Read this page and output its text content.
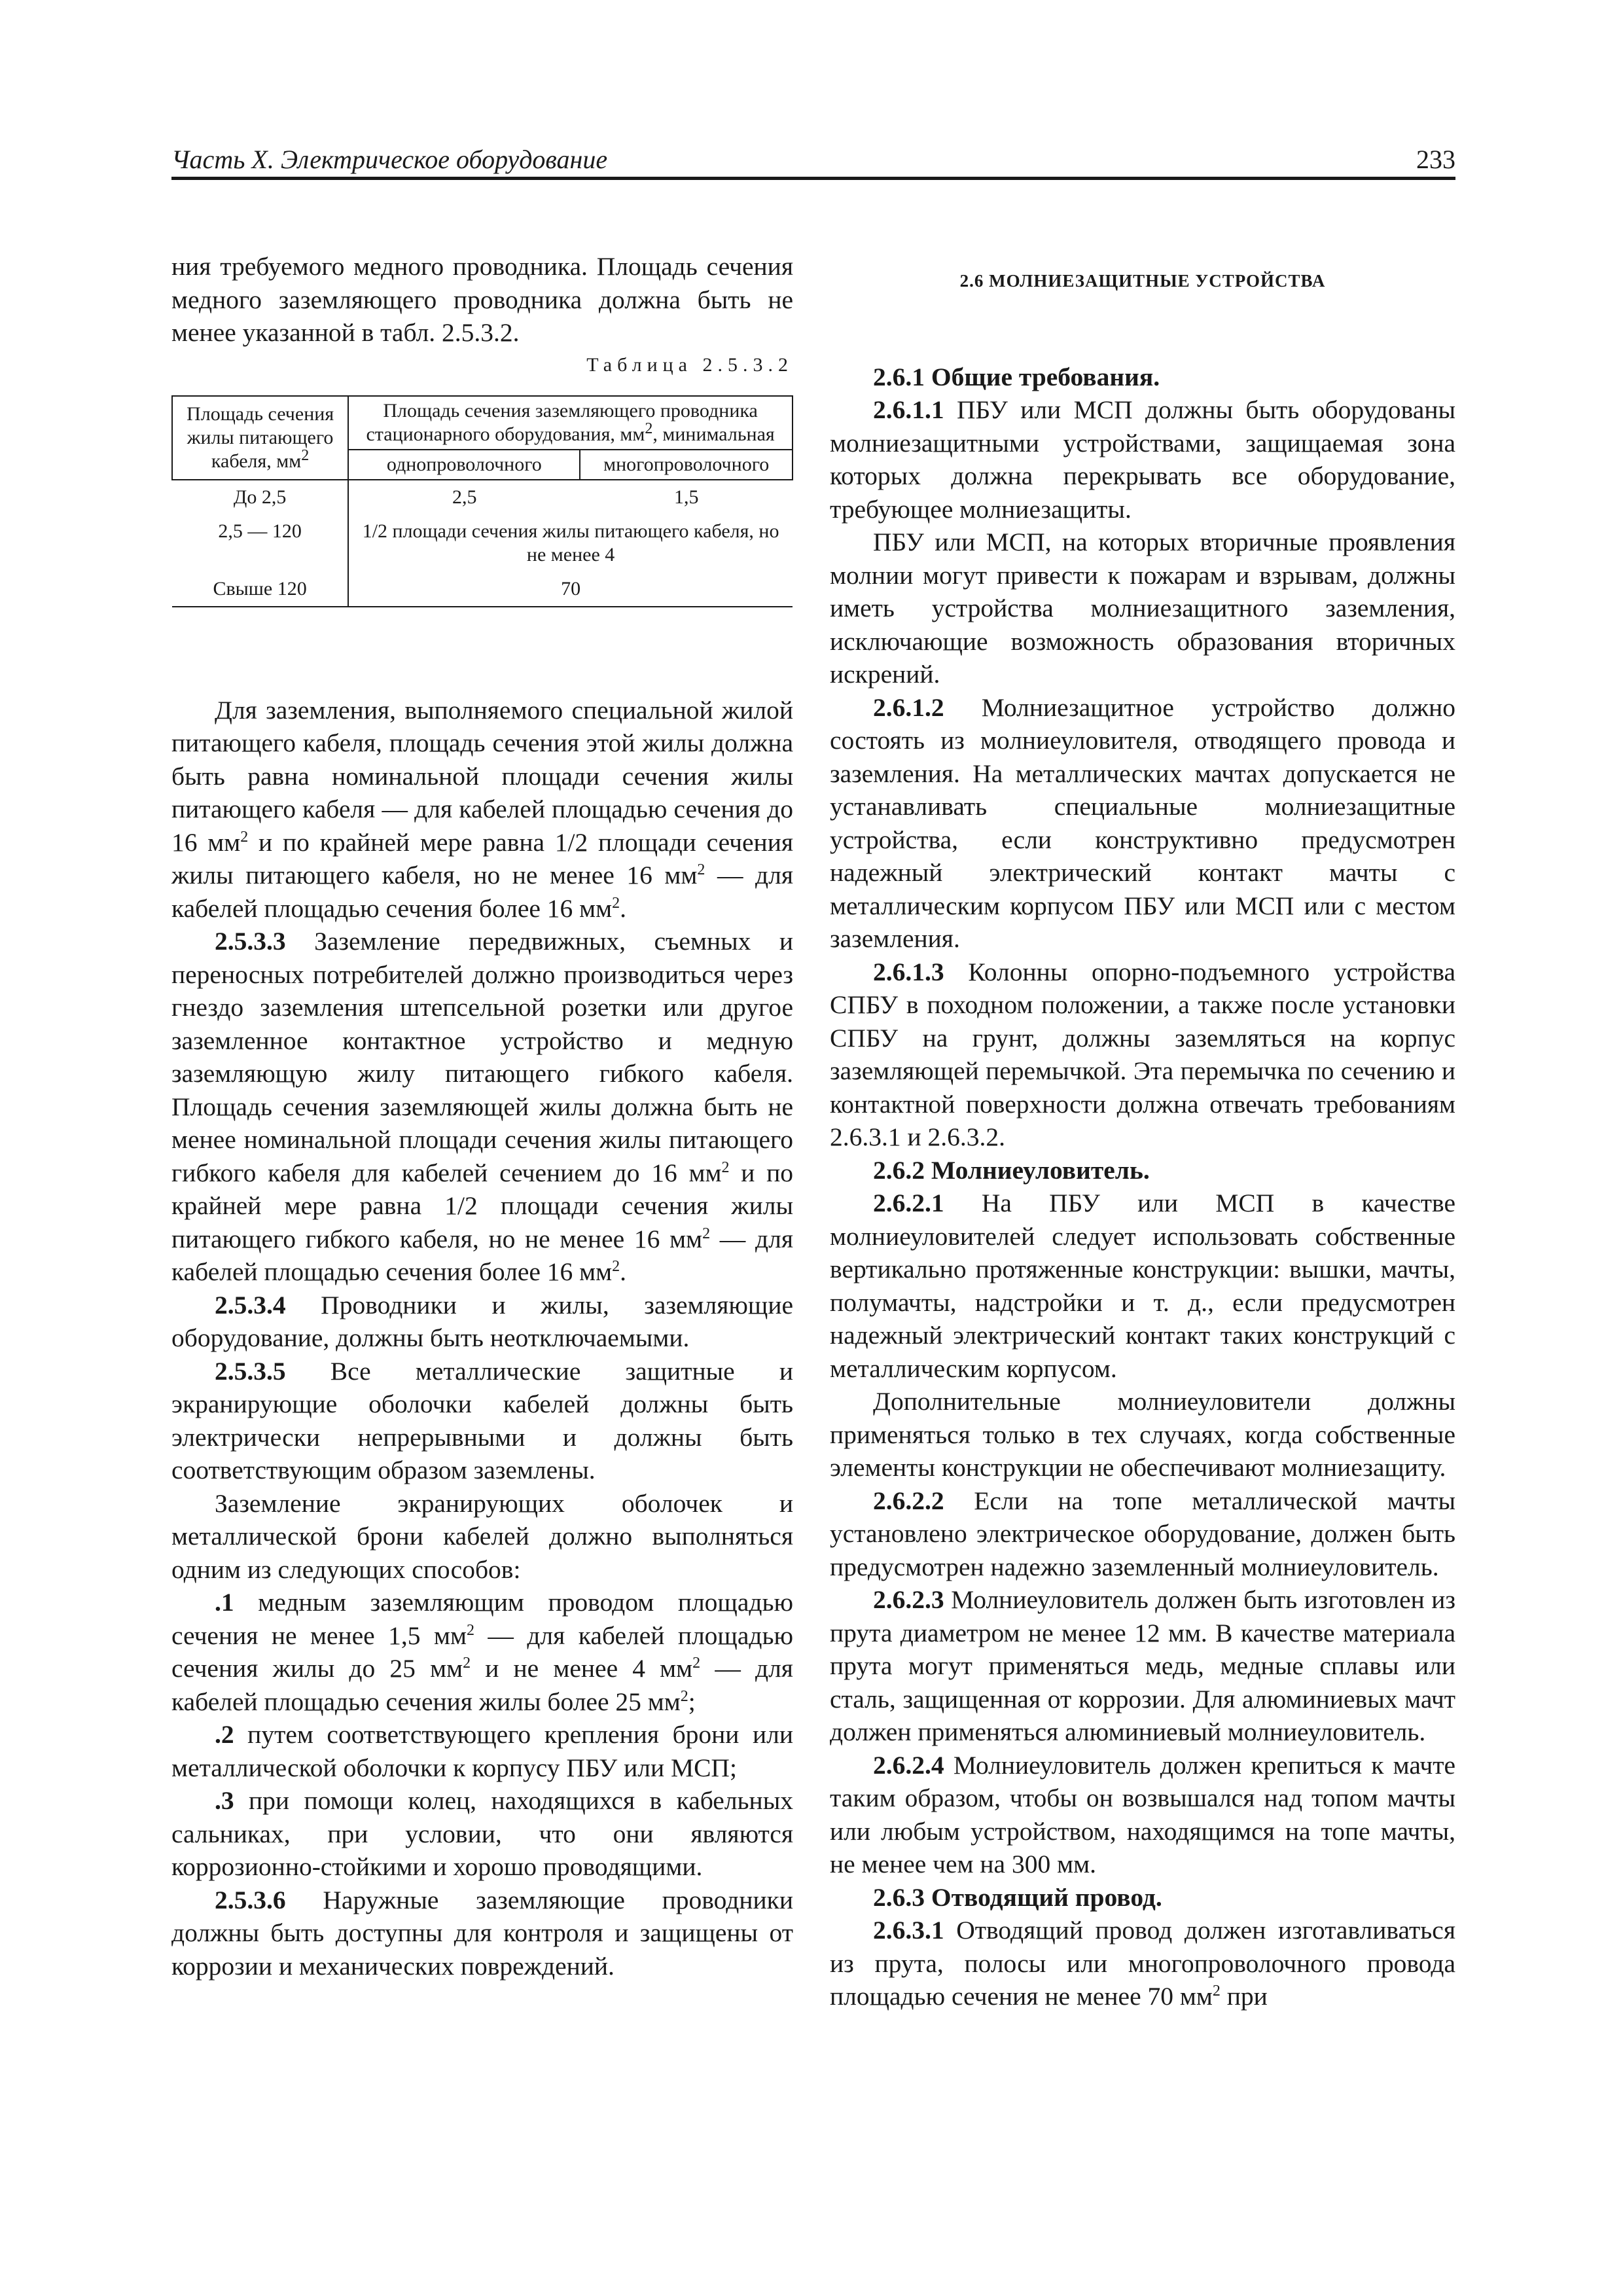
Часть X. Электрическое оборудование	233

ния требуемого медного проводника. Площадь сечения медного заземляющего проводника должна быть не менее указанной в табл. 2.5.3.2.

Таблица 2.5.3.2
Площадь сечения жилы питающего кабеля, $мм^2$	Площадь сечения заземляющего проводника стационарного оборудования, $мм^2$, минимальная	
	однопроволочного	многопроволочного
До 2,5	2,5	1,5
2,5 — 120	1/2 площади сечения жилы питающего кабеля, но не менее 4	
Свыше 120	70	

Для заземления, выполняемого специальной жилой питающего кабеля, площадь сечения этой жилы должна быть равна номинальной площади сечения жилы питающего кабеля — для кабелей площадью сечения до 16 $мм^2$ и по крайней мере равна 1/2 площади сечения жилы питающего кабеля, но не менее 16 $мм^2$ — для кабелей площадью сечения более 16 $мм^2$.

2.5.3.3 Заземление передвижных, съемных и переносных потребителей должно производиться через гнездо заземления штепсельной розетки или другое заземленное контактное устройство и медную заземляющую жилу питающего гибкого кабеля. Площадь сечения заземляющей жилы должна быть не менее номинальной площади сечения жилы питающего гибкого кабеля для кабелей сечением до 16 $мм^2$ и по крайней мере равна 1/2 площади сечения жилы питающего гибкого кабеля, но не менее 16 $мм^2$ — для кабелей площадью сечения более 16 $мм^2$.

2.5.3.4 Проводники и жилы, заземляющие оборудование, должны быть неотключаемыми.

2.5.3.5 Все металлические защитные и экранирующие оболочки кабелей должны быть электрически непрерывными и должны быть соответствующим образом заземлены.

Заземление экранирующих оболочек и металлической брони кабелей должно выполняться одним из следующих способов:

.1 медным заземляющим проводом площадью сечения не менее 1,5 $мм^2$ — для кабелей площадью сечения жилы до 25 $мм^2$ и не менее 4 $мм^2$ — для кабелей площадью сечения жилы более 25 $мм^2$;

.2 путем соответствующего крепления брони или металлической оболочки к корпусу ПБУ или МСП;

.3 при помощи колец, находящихся в кабельных сальниках, при условии, что они являются коррозионно-стойкими и хорошо проводящими.

2.5.3.6 Наружные заземляющие проводники должны быть доступны для контроля и защищены от коррозии и механических повреждений.

2.6 МОЛНИЕЗАЩИТНЫЕ УСТРОЙСТВА

2.6.1 Общие требования.

2.6.1.1 ПБУ или МСП должны быть оборудованы молниезащитными устройствами, защищаемая зона которых должна перекрывать все оборудование, требующее молниезащиты.

ПБУ или МСП, на которых вторичные проявления молнии могут привести к пожарам и взрывам, должны иметь устройства молниезащитного заземления, исключающие возможность образования вторичных искрений.

2.6.1.2 Молниезащитное устройство должно состоять из молниеуловителя, отводящего провода и заземления. На металлических мачтах допускается не устанавливать специальные молниезащитные устройства, если конструктивно предусмотрен надежный электрический контакт мачты с металлическим корпусом ПБУ или МСП или с местом заземления.

2.6.1.3 Колонны опорно-подъемного устройства СПБУ в походном положении, а также после установки СПБУ на грунт, должны заземляться на корпус заземляющей перемычкой. Эта перемычка по сечению и контактной поверхности должна отвечать требованиям 2.6.3.1 и 2.6.3.2.

2.6.2 Молниеуловитель.

2.6.2.1 На ПБУ или МСП в качестве молниеуловителей следует использовать собственные вертикально протяженные конструкции: вышки, мачты, полумачты, надстройки и т. д., если предусмотрен надежный электрический контакт таких конструкций с металлическим корпусом.

Дополнительные молниеуловители должны применяться только в тех случаях, когда собственные элементы конструкции не обеспечивают молниезащиту.

2.6.2.2 Если на топе металлической мачты установлено электрическое оборудование, должен быть предусмотрен надежно заземленный молниеуловитель.

2.6.2.3 Молниеуловитель должен быть изготовлен из прута диаметром не менее 12 мм. В качестве материала прута могут применяться медь, медные сплавы или сталь, защищенная от коррозии. Для алюминиевых мачт должен применяться алюминиевый молниеуловитель.

2.6.2.4 Молниеуловитель должен крепиться к мачте таким образом, чтобы он возвышался над топом мачты или любым устройством, находящимся на топе мачты, не менее чем на 300 мм.

2.6.3 Отводящий провод.

2.6.3.1 Отводящий провод должен изготавливаться из прута, полосы или многопроволочного провода площадью сечения не менее 70 $мм^2$ при
